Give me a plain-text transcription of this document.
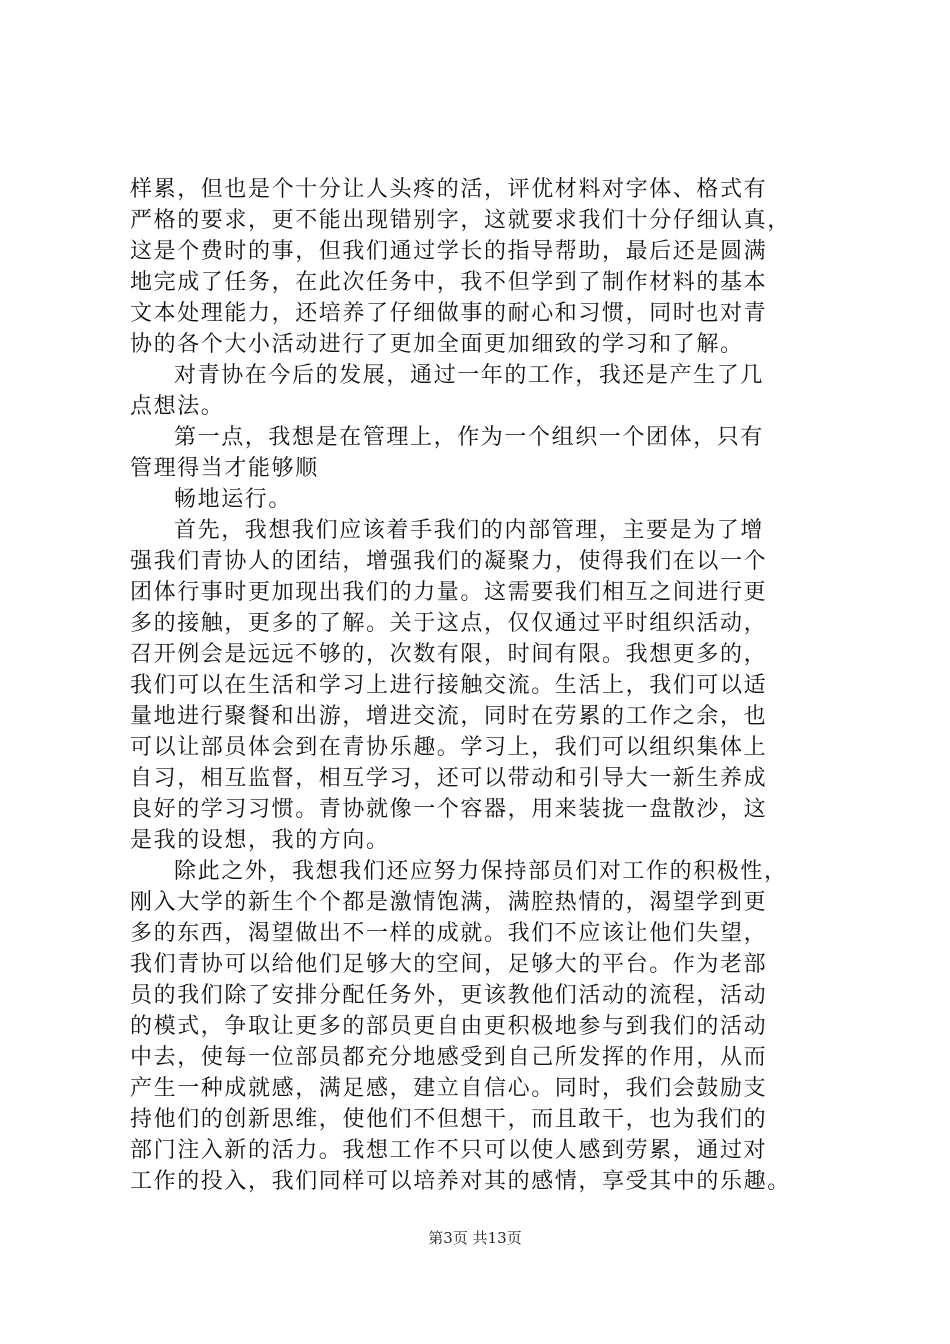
样累，但也是个十分让人头疼的活，评优材料对字体、格式有
严格的要求，更不能出现错别字，这就要求我们十分仔细认真，
这是个费时的事，但我们通过学长的指导帮助，最后还是圆满
地完成了任务，在此次任务中，我不但学到了制作材料的基本
文本处理能力，还培养了仔细做事的耐心和习惯，同时也对青
协的各个大小活动进行了更加全面更加细致的学习和了解。
对青协在今后的发展，通过一年的工作，我还是产生了几
点想法。
第一点，我想是在管理上，作为一个组织一个团体，只有
管理得当才能够顺
畅地运行。
首先，我想我们应该着手我们的内部管理，主要是为了增
强我们青协人的团结，增强我们的凝聚力，使得我们在以一个
团体行事时更加现出我们的力量。这需要我们相互之间进行更
多的接触，更多的了解。关于这点，仅仅通过平时组织活动，
召开例会是远远不够的，次数有限，时间有限。我想更多的，
我们可以在生活和学习上进行接触交流。生活上，我们可以适
量地进行聚餐和出游，增进交流，同时在劳累的工作之余，也
可以让部员体会到在青协乐趣。学习上，我们可以组织集体上
自习，相互监督，相互学习，还可以带动和引导大一新生养成
良好的学习习惯。青协就像一个容器，用来装拢一盘散沙，这
是我的设想，我的方向。
除此之外，我想我们还应努力保持部员们对工作的积极性，
刚入大学的新生个个都是激情饱满，满腔热情的，渴望学到更
多的东西，渴望做出不一样的成就。我们不应该让他们失望，
我们青协可以给他们足够大的空间，足够大的平台。作为老部
员的我们除了安排分配任务外，更该教他们活动的流程，活动
的模式，争取让更多的部员更自由更积极地参与到我们的活动
中去，使每一位部员都充分地感受到自己所发挥的作用，从而
产生一种成就感，满足感，建立自信心。同时，我们会鼓励支
持他们的创新思维，使他们不但想干，而且敢干，也为我们的
部门注入新的活力。我想工作不只可以使人感到劳累，通过对
工作的投入，我们同样可以培养对其的感情，享受其中的乐趣。
第3页 共13页
